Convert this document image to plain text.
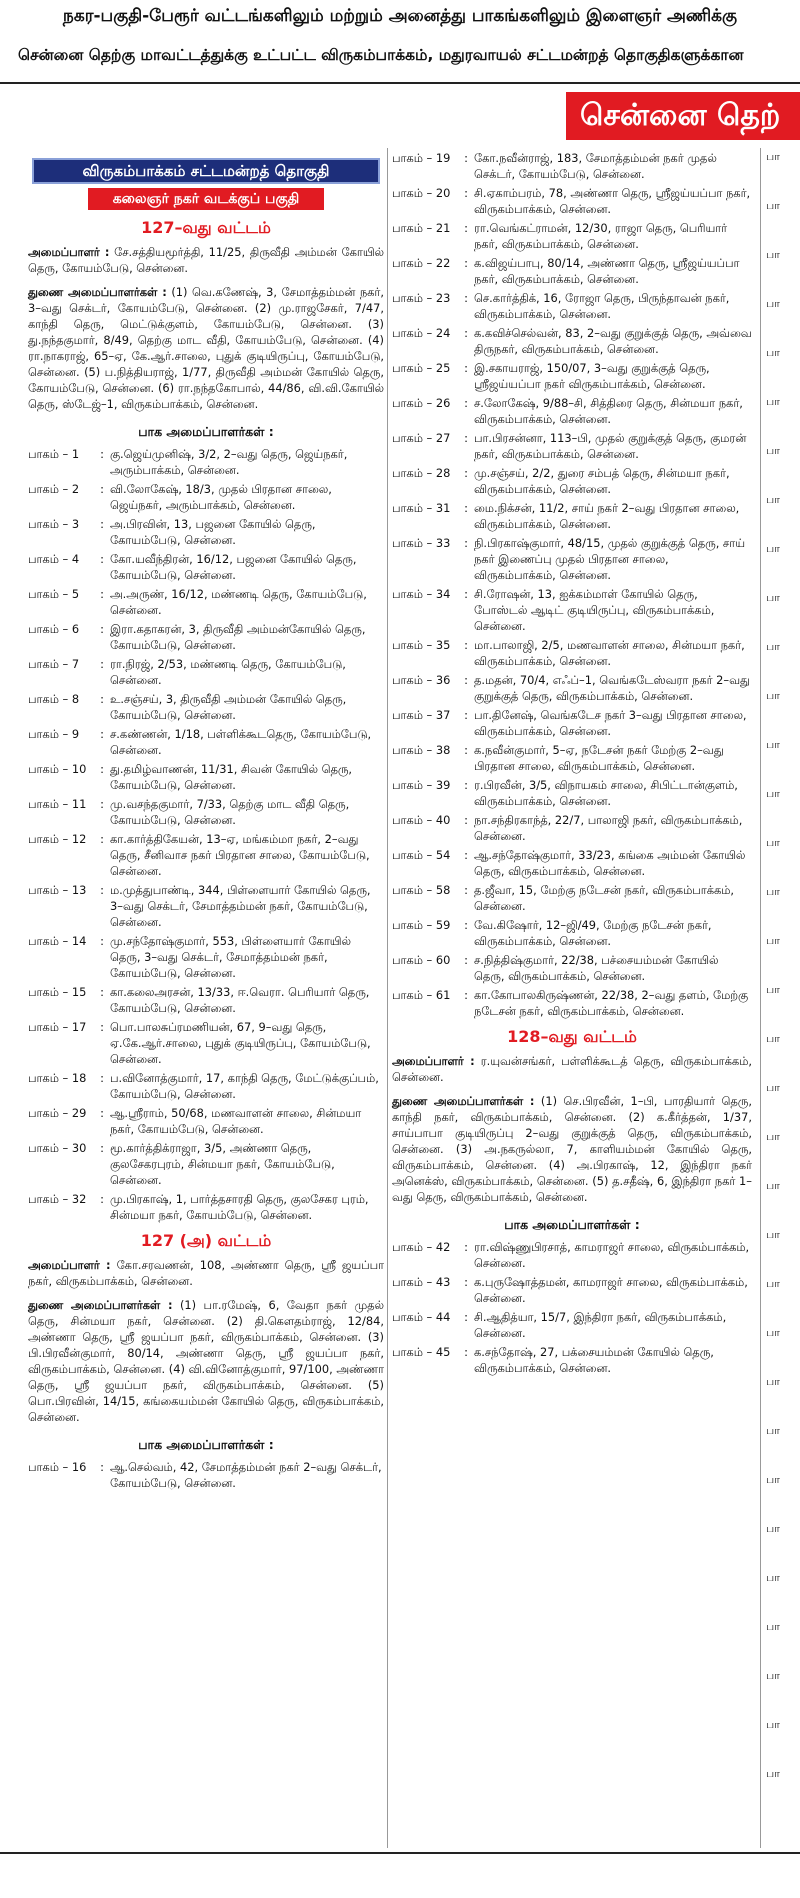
நகர-பகுதி-பேரூர் வட்டங்களிலும் மற்றும் அனைத்து பாகங்களிலும் இளைஞர் அணிக்கு
சென்னை தெற்கு மாவட்டத்துக்கு உட்பட்ட விருகம்பாக்கம், மதுரவாயல் சட்டமன்றத் தொகுதிகளுக்கான
சென்னை தெற்
விருகம்பாக்கம் சட்டமன்றத் தொகுதி
கலைஞர் நகர் வடக்குப் பகுதி
127–வது வட்டம்

அமைப்பாளர் : சே.சத்தியமூர்த்தி, 11/25, திருவீதி அம்மன் கோயில் தெரு, கோயம்பேடு, சென்னை.

துணை அமைப்பாளர்கள் : (1) வெ.கணேஷ், 3, சேமாத்தம்மன் நகர், 3–வது செக்டர், கோயம்பேடு, சென்னை. (2) மு.ராஜசேகர், 7/47, காந்தி தெரு, மெட்டுக்குளம், கோயம்பேடு, சென்னை. (3) து.நந்தகுமார், 8/49, தெற்கு மாட வீதி, கோயம்பேடு, சென்னை. (4) ரா.நாகராஜ், 65–ஏ, கே.ஆர்.சாலை, புதுக் குடியிருப்பு, கோயம்பேடு, சென்னை. (5) ப.நித்தியராஜ், 1/77, திருவீதி அம்மன் கோயில் தெரு, கோயம்பேடு, சென்னை. (6) ரா.நந்தகோபால், 44/86, வி.வி.கோயில் தெரு, ஸ்டேஜ்–1, விருகம்பாக்கம், சென்னை.

பாக அமைப்பாளர்கள் :
பாகம் – 1	: கு.ஜெய்முனிஷ், 3/2, 2–வது தெரு, ஜெய்நகர், அரும்பாக்கம், சென்னை.
பாகம் – 2	: வி.லோகேஷ், 18/3, முதல் பிரதான சாலை, ஜெய்நகர், அரும்பாக்கம், சென்னை.
பாகம் – 3	: அ.பிரவின், 13, பஜனை கோயில் தெரு, கோயம்பேடு, சென்னை.
பாகம் – 4	: கோ.யவீந்திரன், 16/12, பஜனை கோயில் தெரு, கோயம்பேடு, சென்னை.
பாகம் – 5	: அ.அருண், 16/12, மண்ணடி தெரு, கோயம்பேடு, சென்னை.
பாகம் – 6	: இரா.கதாகரன், 3, திருவீதி அம்மன்கோயில் தெரு, கோயம்பேடு, சென்னை.
பாகம் – 7	: ரா.நிரஜ், 2/53, மண்ணடி தெரு, கோயம்பேடு, சென்னை.
பாகம் – 8	: உ.சஞ்சய், 3, திருவீதி அம்மன் கோயில் தெரு, கோயம்பேடு, சென்னை.
பாகம் – 9	: ச.கண்ணன், 1/18, பள்ளிக்கூடதெரு, கோயம்பேடு, சென்னை.
பாகம் – 10	: து.தமிழ்வாணன், 11/31, சிவன் கோயில் தெரு, கோயம்பேடு, சென்னை.
பாகம் – 11	: மு.வசந்தகுமார், 7/33, தெற்கு மாட வீதி தெரு, கோயம்பேடு, சென்னை.
பாகம் – 12	: கா.கார்த்திகேயன், 13–ஏ, மங்கம்மா நகர், 2–வது தெரு, சீனிவாச நகர் பிரதான சாலை, கோயம்பேடு, சென்னை.
பாகம் – 13	: ம.முத்துபாண்டி, 344, பிள்ளையார் கோயில் தெரு, 3–வது செக்டர், சேமாத்தம்மன் நகர், கோயம்பேடு, சென்னை.
பாகம் – 14	: மு.சந்தோஷ்குமார், 553, பிள்ளையார் கோயில் தெரு, 3–வது செக்டர், சேமாத்தம்மன் நகர், கோயம்பேடு, சென்னை.
பாகம் – 15	: கா.கலைஅரசன், 13/33, ஈ.வெரா. பெரியார் தெரு, கோயம்பேடு, சென்னை.
பாகம் – 17	: பொ.பாலசுப்ரமணியன், 67, 9–வது தெரு, ஏ.கே.ஆர்.சாலை, புதுக் குடியிருப்பு, கோயம்பேடு, சென்னை.
பாகம் – 18	: ப.வினோத்குமார், 17, காந்தி தெரு, மேட்டுக்குப்பம், கோயம்பேடு, சென்னை.
பாகம் – 29	: ஆ.ஸ்ரீராம், 50/68, மணவாளன் சாலை, சின்மயா நகர், கோயம்பேடு, சென்னை.
பாகம் – 30	: மூ.கார்த்திக்ராஜா, 3/5, அண்ணா தெரு, குலசேகரபுரம், சின்மயா நகர், கோயம்பேடு, சென்னை.
பாகம் – 32	: மு.பிரகாஷ், 1, பார்த்தசாரதி தெரு, குலசேகர புரம், சின்மயா நகர், கோயம்பேடு, சென்னை.
127 (அ) வட்டம்

அமைப்பாளர் : கோ.சரவணன், 108, அண்ணா தெரு, ஸ்ரீ ஜயப்பா நகர், விருகம்பாக்கம், சென்னை.

துணை அமைப்பாளர்கள் : (1) பா.ரமேஷ், 6, வேதா நகர் முதல் தெரு, சின்மயா நகர், சென்னை. (2) தி.கௌதம்ராஜ், 12/84, அண்ணா தெரு, ஸ்ரீ ஜயப்பா நகர், விருகம்பாக்கம், சென்னை. (3) பி.பிரவீன்குமார், 80/14, அண்ணா தெரு, ஸ்ரீ ஜயப்பா நகர், விருகம்பாக்கம், சென்னை. (4) வி.வினோத்குமார், 97/100, அண்ணா தெரு, ஸ்ரீ ஜயப்பா நகர், விருகம்பாக்கம், சென்னை. (5) பொ.பிரவின், 14/15, கங்கையம்மன் கோயில் தெரு, விருகம்பாக்கம், சென்னை.

பாக அமைப்பாளர்கள் :
பாகம் – 16	: ஆ.செல்வம், 42, சேமாத்தம்மன் நகர் 2–வது செக்டர், கோயம்பேடு, சென்னை.
பாகம் – 19	: கோ.நவீன்ராஜ், 183, சேமாத்தம்மன் நகர் முதல் செக்டர், கோயம்பேடு, சென்னை.
பாகம் – 20	: சி.ஏகாம்பரம், 78, அண்ணா தெரு, ஸ்ரீஜய்யப்பா நகர், விருகம்பாக்கம், சென்னை.
பாகம் – 21	: ரா.வெங்கட்ராமன், 12/30, ராஜா தெரு, பெரியார் நகர், விருகம்பாக்கம், சென்னை.
பாகம் – 22	: க.விஜய்பாபு, 80/14, அண்ணா தெரு, ஸ்ரீஜய்யப்பா நகர், விருகம்பாக்கம், சென்னை.
பாகம் – 23	: செ.கார்த்திக், 16, ரோஜா தெரு, பிருந்தாவன் நகர், விருகம்பாக்கம், சென்னை.
பாகம் – 24	: க.கவிச்செல்வன், 83, 2–வது குறுக்குத் தெரு, அவ்வை திருநகர், விருகம்பாக்கம், சென்னை.
பாகம் – 25	: இ.சகாயராஜ், 150/07, 3–வது குறுக்குத் தெரு, ஸ்ரீஜய்யப்பா நகர் விருகம்பாக்கம், சென்னை.
பாகம் – 26	: ச.லோகேஷ், 9/88–சி, சித்திரை தெரு, சின்மயா நகர், விருகம்பாக்கம், சென்னை.
பாகம் – 27	: பா.பிரசன்னா, 113–பி, முதல் குறுக்குத் தெரு, குமரன் நகர், விருகம்பாக்கம், சென்னை.
பாகம் – 28	: மு.சஞ்சய், 2/2, துரை சம்பத் தெரு, சின்மயா நகர், விருகம்பாக்கம், சென்னை.
பாகம் – 31	: மை.நிக்சன், 11/2, சாய் நகர் 2–வது பிரதான சாலை, விருகம்பாக்கம், சென்னை.
பாகம் – 33	: நி.பிரகாஷ்குமார், 48/15, முதல் குறுக்குத் தெரு, சாய் நகர் இணைப்பு முதல் பிரதான சாலை, விருகம்பாக்கம், சென்னை.
பாகம் – 34	: சி.ரோஷன், 13, ஐக்கம்மாள் கோயில் தெரு, போஸ்டல் ஆடிட் குடியிருப்பு, விருகம்பாக்கம், சென்னை.
பாகம் – 35	: மா.பாலாஜி, 2/5, மணவாளன் சாலை, சின்மயா நகர், விருகம்பாக்கம், சென்னை.
பாகம் – 36	: த.மதன், 70/4, எஃப்–1, வெங்கடேஸ்வரா நகர் 2–வது குறுக்குத் தெரு, விருகம்பாக்கம், சென்னை.
பாகம் – 37	: பா.தினேஷ், வெங்கடேச நகர் 3–வது பிரதான சாலை, விருகம்பாக்கம், சென்னை.
பாகம் – 38	: க.நவீன்குமார், 5–ஏ, நடேசன் நகர் மேற்கு 2–வது பிரதான சாலை, விருகம்பாக்கம், சென்னை.
பாகம் – 39	: ர.பிரவீன், 3/5, விநாயகம் சாலை, சிபிட்டான்குளம், விருகம்பாக்கம், சென்னை.
பாகம் – 40	: நா.சந்திரகாந்த், 22/7, பாலாஜி நகர், விருகம்பாக்கம், சென்னை.
பாகம் – 54	: ஆ.சந்தோஷ்குமார், 33/23, கங்கை அம்மன் கோயில் தெரு, விருகம்பாக்கம், சென்னை.
பாகம் – 58	: த.ஜீவா, 15, மேற்கு நடேசன் நகர், விருகம்பாக்கம், சென்னை.
பாகம் – 59	: வே.கிஷோர், 12–ஜி/49, மேற்கு நடேசன் நகர், விருகம்பாக்கம், சென்னை.
பாகம் – 60	: ச.நித்திஷ்குமார், 22/38, பச்சையம்மன் கோயில் தெரு, விருகம்பாக்கம், சென்னை.
பாகம் – 61	: கா.கோபாலகிருஷ்ணன், 22/38, 2–வது தளம், மேற்கு நடேசன் நகர், விருகம்பாக்கம், சென்னை.
128–வது வட்டம்

அமைப்பாளர் : ர.யுவன்சங்கர், பள்ளிக்கூடத் தெரு, விருகம்பாக்கம், சென்னை.

துணை அமைப்பாளர்கள் : (1) செ.பிரவீன், 1–பி, பாரதியார் தெரு, காந்தி நகர், விருகம்பாக்கம், சென்னை. (2) க.கீர்த்தன், 1/37, சாய்பாபா குடியிருப்பு 2–வது குறுக்குத் தெரு, விருகம்பாக்கம், சென்னை. (3) அ.நகருல்லா, 7, காளியம்மன் கோயில் தெரு, விருகம்பாக்கம், சென்னை. (4) அ.பிரகாஷ், 12, இந்திரா நகர் அனெக்ஸ், விருகம்பாக்கம், சென்னை. (5) த.சதீஷ், 6, இந்திரா நகர் 1–வது தெரு, விருகம்பாக்கம், சென்னை.

பாக அமைப்பாளர்கள் :
பாகம் – 42	: ரா.விஷ்ணுபிரசாத், காமராஜர் சாலை, விருகம்பாக்கம், சென்னை.
பாகம் – 43	: க.புருஷோத்தமன், காமராஜர் சாலை, விருகம்பாக்கம், சென்னை.
பாகம் – 44	: சி.ஆதித்யா, 15/7, இந்திரா நகர், விருகம்பாக்கம், சென்னை.
பாகம் – 45	: க.சந்தோஷ், 27, பக்சையம்மன் கோயில் தெரு, விருகம்பாக்கம், சென்னை.
பா
பா
பா
பா
பா
பா
பா
பா
பா
பா
பா
பா
பா
பா
பா
பா
பா
பா
பா
பா
பா
பா
பா
பா
பா
பா
பா
பா
பா
பா
பா
பா
பா
பா
